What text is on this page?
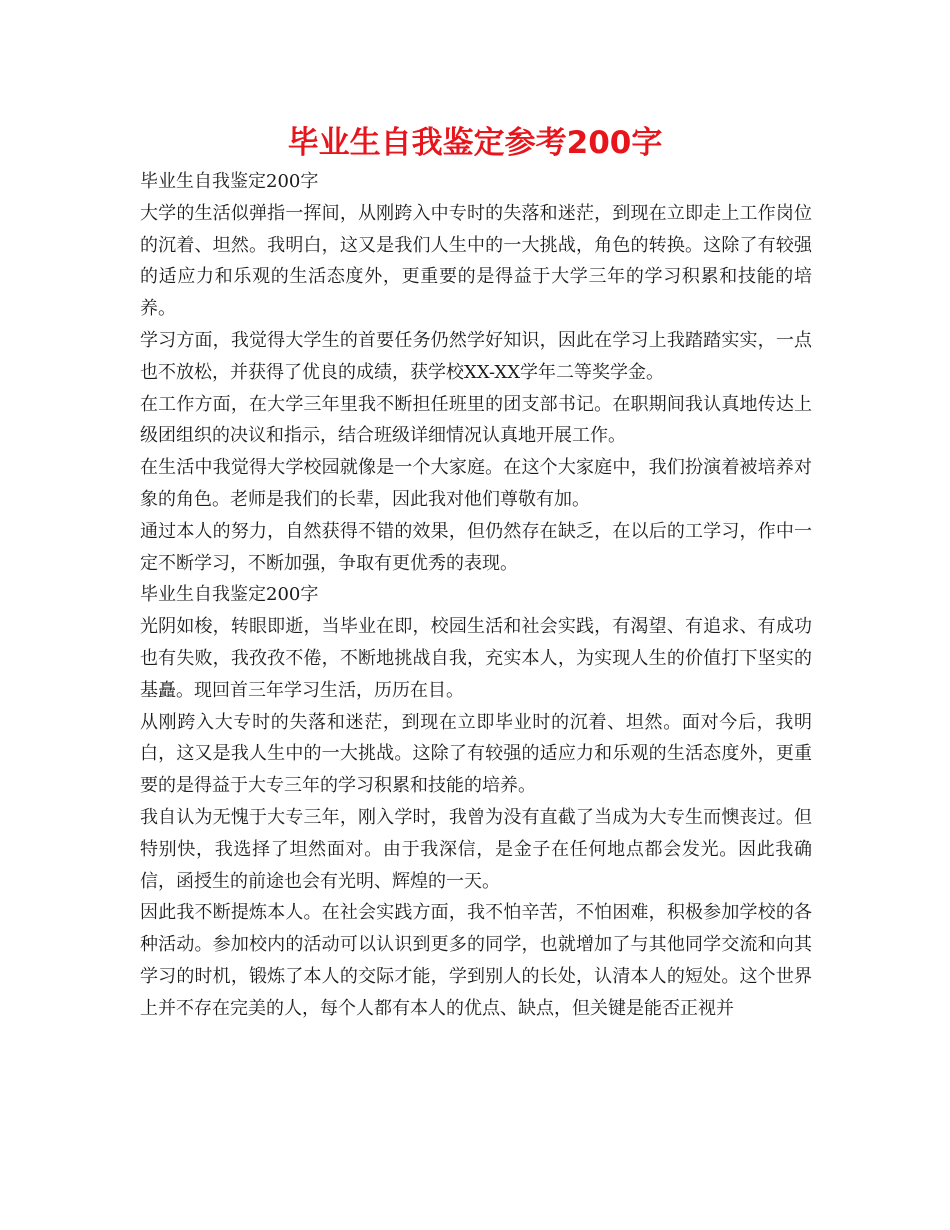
毕业生自我鉴定参考200字

毕业生自我鉴定200字

大学的生活似弹指一挥间，从刚跨入中专时的失落和迷茫，到现在立即走上工作岗位的沉着、坦然。我明白，这又是我们人生中的一大挑战，角色的转换。这除了有较强的适应力和乐观的生活态度外，更重要的是得益于大学三年的学习积累和技能的培养。

学习方面，我觉得大学生的首要任务仍然学好知识，因此在学习上我踏踏实实，一点也不放松，并获得了优良的成绩，获学校XX-XX学年二等奖学金。

在工作方面，在大学三年里我不断担任班里的团支部书记。在职期间我认真地传达上级团组织的决议和指示，结合班级详细情况认真地开展工作。

在生活中我觉得大学校园就像是一个大家庭。在这个大家庭中，我们扮演着被培养对象的角色。老师是我们的长辈，因此我对他们尊敬有加。

通过本人的努力，自然获得不错的效果，但仍然存在缺乏，在以后的工学习，作中一定不断学习，不断加强，争取有更优秀的表现。

毕业生自我鉴定200字

光阴如梭，转眼即逝，当毕业在即，校园生活和社会实践，有渴望、有追求、有成功也有失败，我孜孜不倦，不断地挑战自我，充实本人，为实现人生的价值打下坚实的基矗。现回首三年学习生活，历历在目。

从刚跨入大专时的失落和迷茫，到现在立即毕业时的沉着、坦然。面对今后，我明白，这又是我人生中的一大挑战。这除了有较强的适应力和乐观的生活态度外，更重要的是得益于大专三年的学习积累和技能的培养。

我自认为无愧于大专三年，刚入学时，我曾为没有直截了当成为大专生而懊丧过。但特别快，我选择了坦然面对。由于我深信，是金子在任何地点都会发光。因此我确信，函授生的前途也会有光明、辉煌的一天。

因此我不断提炼本人。在社会实践方面，我不怕辛苦，不怕困难，积极参加学校的各种活动。参加校内的活动可以认识到更多的同学，也就增加了与其他同学交流和向其学习的时机，锻炼了本人的交际才能，学到别人的长处，认清本人的短处。这个世界上并不存在完美的人，每个人都有本人的优点、缺点，但关键是能否正视并
